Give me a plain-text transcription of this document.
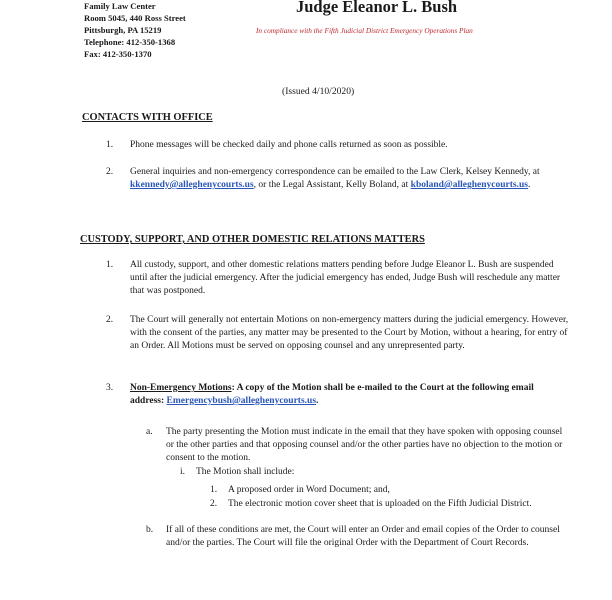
Family Law Center
Room 5045, 440 Ross Street
Pittsburgh, PA 15219
Telephone: 412-350-1368
Fax: 412-350-1370
Judge Eleanor L. Bush
In compliance with the Fifth Judicial District Emergency Operations Plan
(Issued 4/10/2020)
CONTACTS WITH OFFICE
1. Phone messages will be checked daily and phone calls returned as soon as possible.
2. General inquiries and non-emergency correspondence can be emailed to the Law Clerk, Kelsey Kennedy, at kkennedy@alleghenycourts.us, or the Legal Assistant, Kelly Boland, at kboland@alleghenycourts.us.
CUSTODY, SUPPORT, AND OTHER DOMESTIC RELATIONS MATTERS
1. All custody, support, and other domestic relations matters pending before Judge Eleanor L. Bush are suspended until after the judicial emergency. After the judicial emergency has ended, Judge Bush will reschedule any matter that was postponed.
2. The Court will generally not entertain Motions on non-emergency matters during the judicial emergency. However, with the consent of the parties, any matter may be presented to the Court by Motion, without a hearing, for entry of an Order. All Motions must be served on opposing counsel and any unrepresented party.
3. Non-Emergency Motions: A copy of the Motion shall be e-mailed to the Court at the following email address: Emergencybush@alleghenycourts.us.
a. The party presenting the Motion must indicate in the email that they have spoken with opposing counsel or the other parties and that opposing counsel and/or the other parties have no objection to the motion or consent to the motion.
i. The Motion shall include:
1. A proposed order in Word Document; and,
2. The electronic motion cover sheet that is uploaded on the Fifth Judicial District.
b. If all of these conditions are met, the Court will enter an Order and email copies of the Order to counsel and/or the parties. The Court will file the original Order with the Department of Court Records.
